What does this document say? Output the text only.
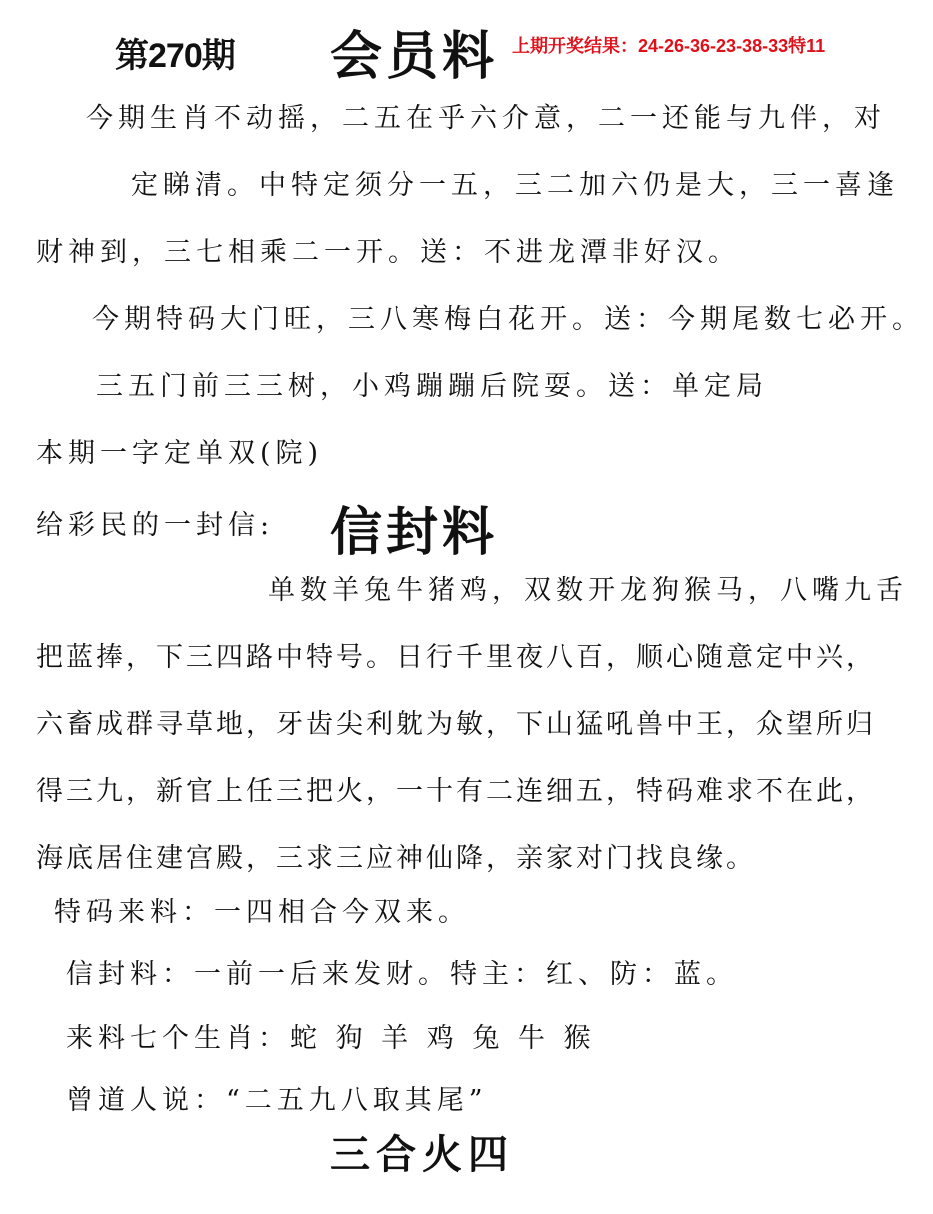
第270期 会员料 上期开奖结果：24-26-36-23-38-33特11
今期生肖不动摇，二五在乎六介意，二一还能与九伴，对
定睇清。中特定须分一五，三二加六仍是大，三一喜逢
财神到，三七相乘二一开。送：不进龙潭非好汉。
今期特码大门旺，三八寒梅白花开。送：今期尾数七必开。
三五门前三三树，小鸡蹦蹦后院耍。送：单定局
本期一字定单双(院)
给彩民的一封信: 信封料
单数羊兔牛猪鸡，双数开龙狗猴马，八嘴九舌
把蓝捧，下三四路中特号。日行千里夜八百，顺心随意定中兴，
六畜成群寻草地，牙齿尖利躭为敏，下山猛吼兽中王，众望所归
得三九，新官上任三把火，一十有二连细五，特码难求不在此，
海底居住建宫殿，三求三应神仙降，亲家对门找良缘。
特码来料：一四相合今双来。
信封料：一前一后来发财。特主：红、防：蓝。
来料七个生肖：蛇 狗 羊 鸡 兔 牛 猴
曾道人说：“二五九八取其尾”
三合火四
